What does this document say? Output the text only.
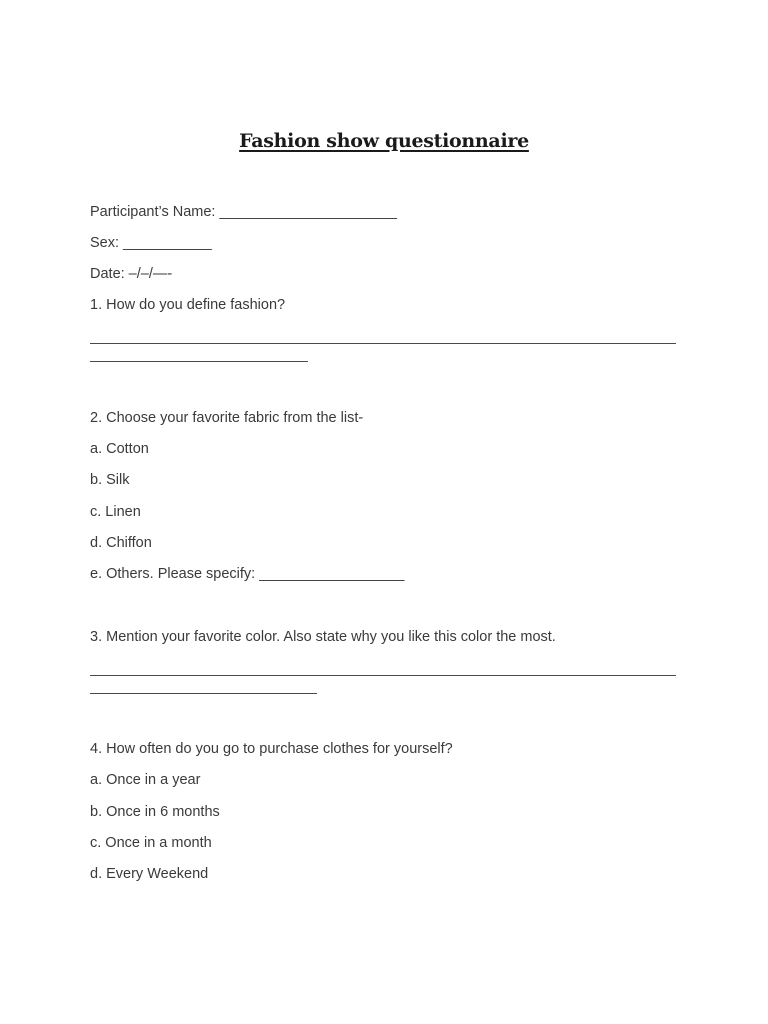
Fashion show questionnaire
Participant’s Name: ______________________
Sex: ___________
Date: –/–/—-
1. How do you define fashion?
2. Choose your favorite fabric from the list-
a. Cotton
b. Silk
c. Linen
d. Chiffon
e. Others. Please specify: __________________
3. Mention your favorite color. Also state why you like this color the most.
4. How often do you go to purchase clothes for yourself?
a. Once in a year
b. Once in 6 months
c. Once in a month
d. Every Weekend
